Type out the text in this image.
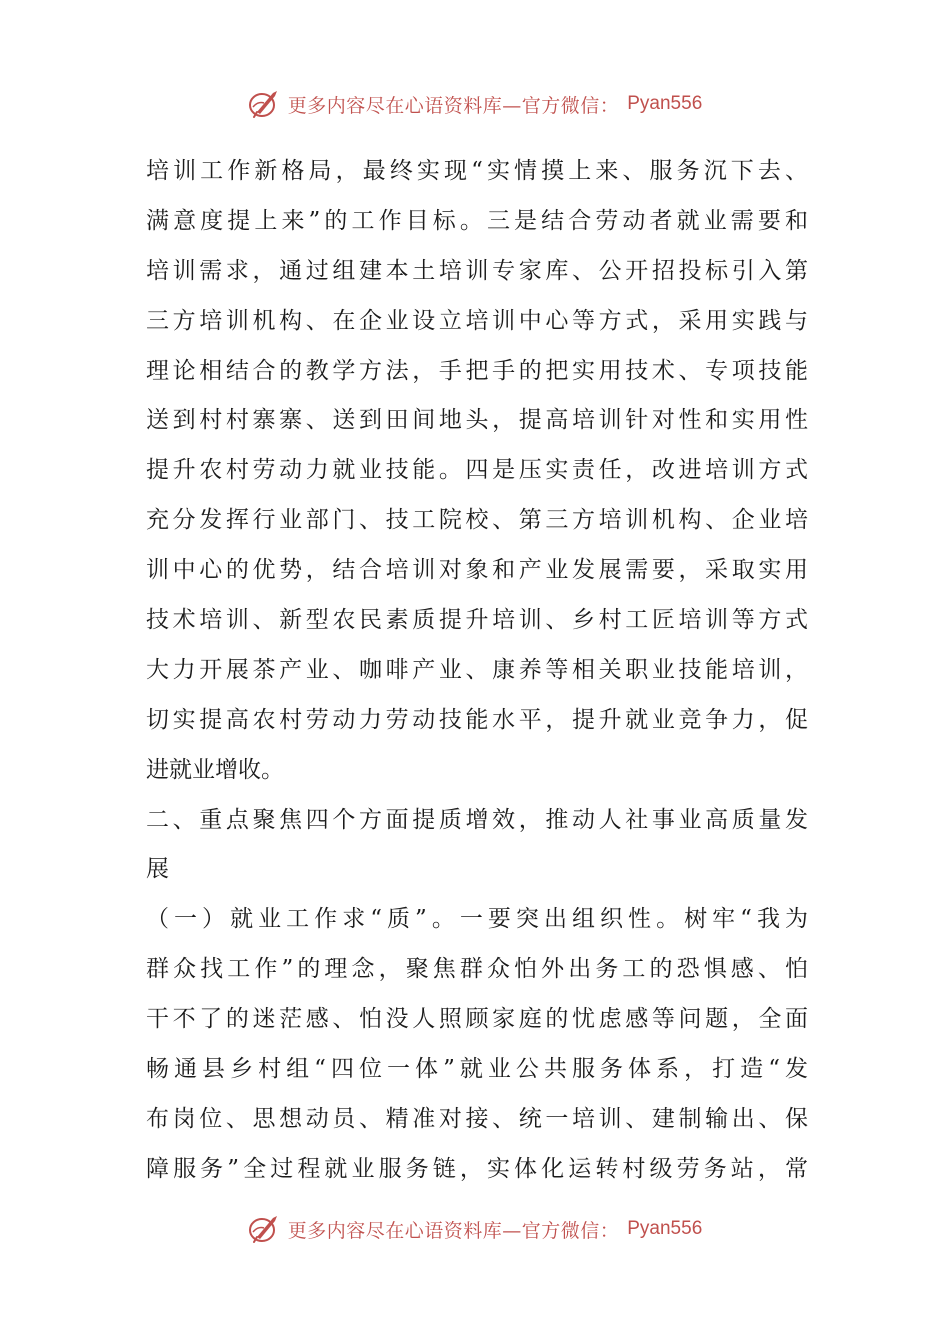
更多内容尽在心语资料库—官方微信： Pyan556
培训工作新格局，最终实现“实情摸上来、服务沉下去、
满意度提上来”的工作目标。三是结合劳动者就业需要和
培训需求，通过组建本土培训专家库、公开招投标引入第
三方培训机构、在企业设立培训中心等方式，采用实践与
理论相结合的教学方法，手把手的把实用技术、专项技能
送到村村寨寨、送到田间地头，提高培训针对性和实用性
提升农村劳动力就业技能。四是压实责任，改进培训方式
充分发挥行业部门、技工院校、第三方培训机构、企业培
训中心的优势，结合培训对象和产业发展需要，采取实用
技术培训、新型农民素质提升培训、乡村工匠培训等方式
大力开展茶产业、咖啡产业、康养等相关职业技能培训，
切实提高农村劳动力劳动技能水平，提升就业竞争力，促
进就业增收。
二、重点聚焦四个方面提质增效，推动人社事业高质量发
展
（一）就业工作求“质”。一要突出组织性。树牢“我为
群众找工作”的理念，聚焦群众怕外出务工的恐惧感、怕
干不了的迷茫感、怕没人照顾家庭的忧虑感等问题，全面
畅通县乡村组“四位一体”就业公共服务体系，打造“发
布岗位、思想动员、精准对接、统一培训、建制输出、保
障服务”全过程就业服务链，实体化运转村级劳务站，常
更多内容尽在心语资料库—官方微信： Pyan556
